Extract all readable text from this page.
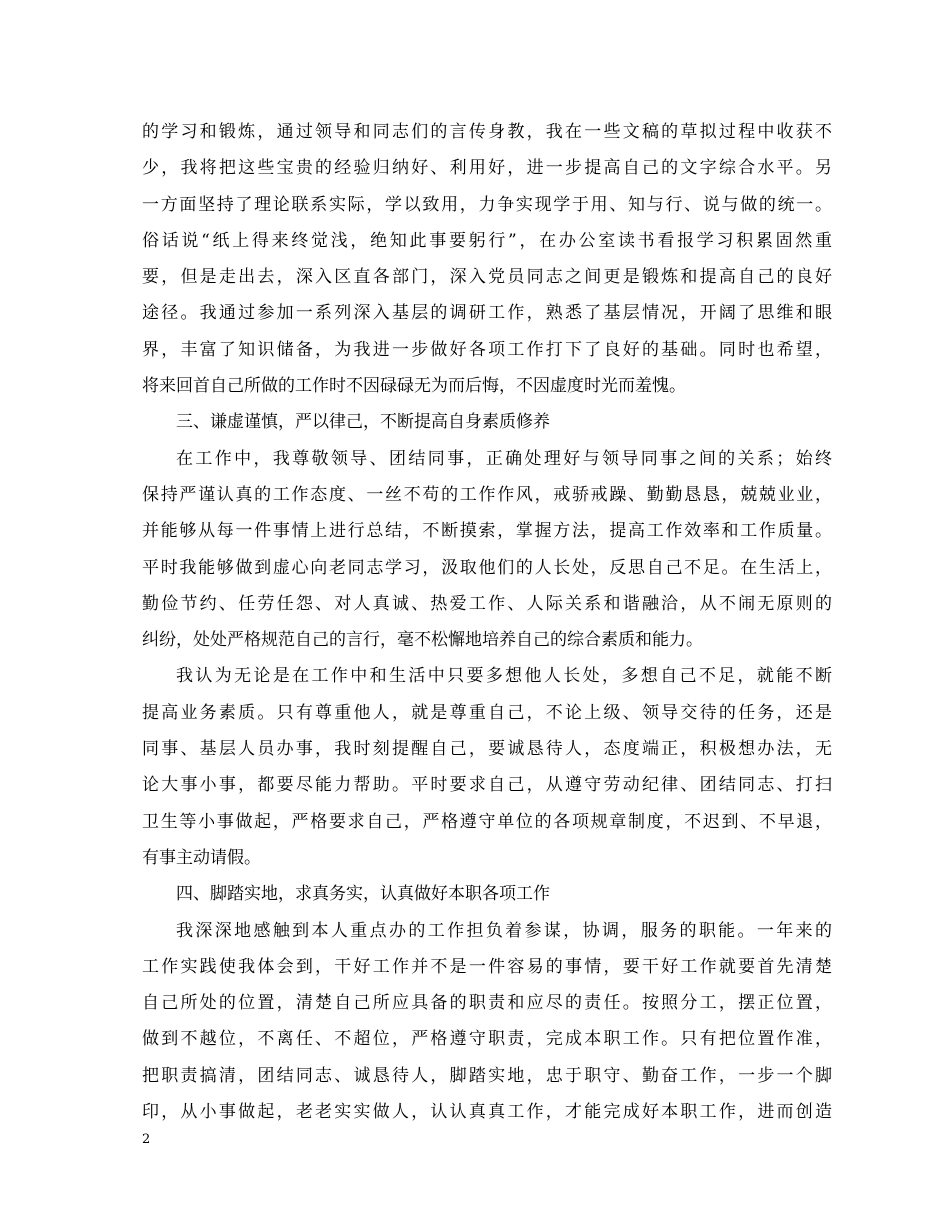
的学习和锻炼，通过领导和同志们的言传身教，我在一些文稿的草拟过程中收获不
少，我将把这些宝贵的经验归纳好、利用好，进一步提高自己的文字综合水平。另
一方面坚持了理论联系实际，学以致用，力争实现学于用、知与行、说与做的统一。
俗话说“纸上得来终觉浅，绝知此事要躬行”，在办公室读书看报学习积累固然重
要，但是走出去，深入区直各部门，深入党员同志之间更是锻炼和提高自己的良好
途径。我通过参加一系列深入基层的调研工作，熟悉了基层情况，开阔了思维和眼
界，丰富了知识储备，为我进一步做好各项工作打下了良好的基础。同时也希望，
将来回首自己所做的工作时不因碌碌无为而后悔，不因虚度时光而羞愧。
三、谦虚谨慎，严以律己，不断提高自身素质修养
在工作中，我尊敬领导、团结同事，正确处理好与领导同事之间的关系；始终
保持严谨认真的工作态度、一丝不苟的工作作风，戒骄戒躁、勤勤恳恳，兢兢业业，
并能够从每一件事情上进行总结，不断摸索，掌握方法，提高工作效率和工作质量。
平时我能够做到虚心向老同志学习，汲取他们的人长处，反思自己不足。在生活上，
勤俭节约、任劳任怨、对人真诚、热爱工作、人际关系和谐融洽，从不闹无原则的
纠纷，处处严格规范自己的言行，毫不松懈地培养自己的综合素质和能力。
我认为无论是在工作中和生活中只要多想他人长处，多想自己不足，就能不断
提高业务素质。只有尊重他人，就是尊重自己，不论上级、领导交待的任务，还是
同事、基层人员办事，我时刻提醒自己，要诚恳待人，态度端正，积极想办法，无
论大事小事，都要尽能力帮助。平时要求自己，从遵守劳动纪律、团结同志、打扫
卫生等小事做起，严格要求自己，严格遵守单位的各项规章制度，不迟到、不早退，
有事主动请假。
四、脚踏实地，求真务实，认真做好本职各项工作
我深深地感触到本人重点办的工作担负着参谋，协调，服务的职能。一年来的
工作实践使我体会到，干好工作并不是一件容易的事情，要干好工作就要首先清楚
自己所处的位置，清楚自己所应具备的职责和应尽的责任。按照分工，摆正位置，
做到不越位，不离任、不超位，严格遵守职责，完成本职工作。只有把位置作准，
把职责搞清，团结同志、诚恳待人，脚踏实地，忠于职守、勤奋工作，一步一个脚
印，从小事做起，老老实实做人，认认真真工作，才能完成好本职工作，进而创造
2
